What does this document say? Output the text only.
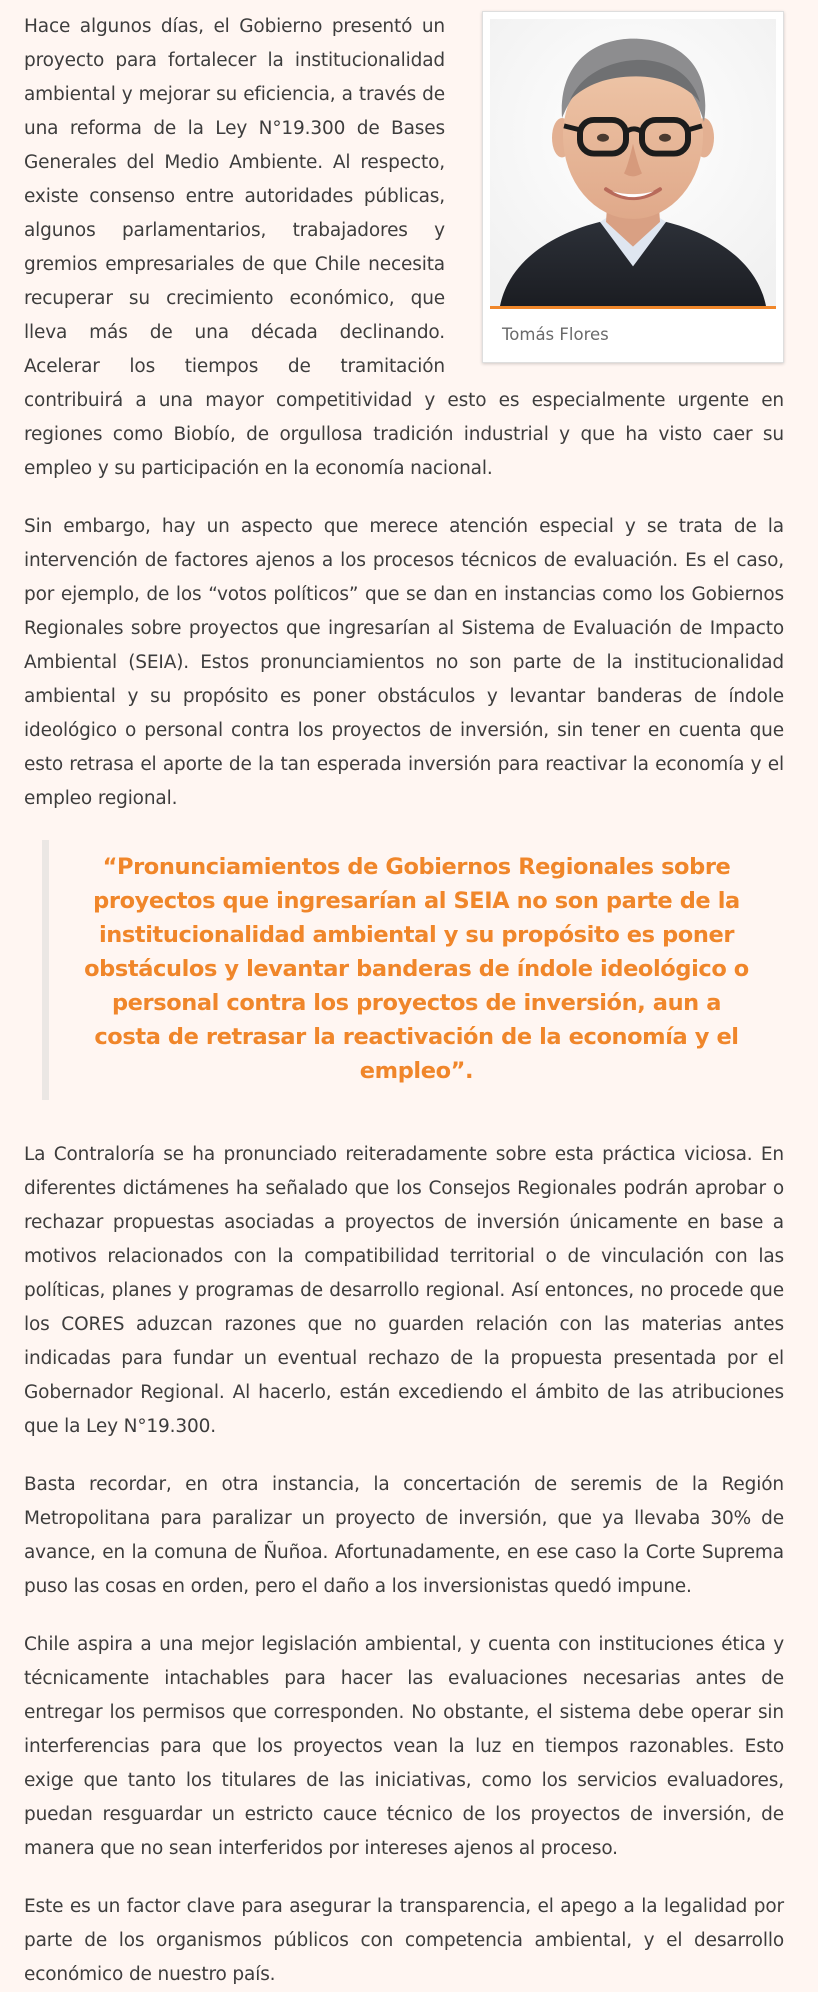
Tomás Flores

Hace algunos días, el Gobierno presentó un proyecto para fortalecer la institucionalidad ambiental y mejorar su eficiencia, a través de una reforma de la Ley N°19.300 de Bases Generales del Medio Ambiente. Al respecto, existe consenso entre autoridades públicas, algunos parlamentarios, trabajadores y gremios empresariales de que Chile necesita recuperar su crecimiento económico, que lleva más de una década declinando. Acelerar los tiempos de tramitación contribuirá a una mayor competitividad y esto es especialmente urgente en regiones como Biobío, de orgullosa tradición industrial y que ha visto caer su empleo y su participación en la economía nacional.

Sin embargo, hay un aspecto que merece atención especial y se trata de la intervención de factores ajenos a los procesos técnicos de evaluación. Es el caso, por ejemplo, de los “votos políticos” que se dan en instancias como los Gobiernos Regionales sobre proyectos que ingresarían al Sistema de Evaluación de Impacto Ambiental (SEIA). Estos pronunciamientos no son parte de la institucionalidad ambiental y su propósito es poner obstáculos y levantar banderas de índole ideológico o personal contra los proyectos de inversión, sin tener en cuenta que esto retrasa el aporte de la tan esperada inversión para reactivar la economía y el empleo regional.

“Pronunciamientos de Gobiernos Regionales sobre proyectos que ingresarían al SEIA no son parte de la institucionalidad ambiental y su propósito es poner obstáculos y levantar banderas de índole ideológico o personal contra los proyectos de inversión, aun a costa de retrasar la reactivación de la economía y el empleo”.

La Contraloría se ha pronunciado reiteradamente sobre esta práctica viciosa. En diferentes dictámenes ha señalado que los Consejos Regionales podrán aprobar o rechazar propuestas asociadas a proyectos de inversión únicamente en base a motivos relacionados con la compatibilidad territorial o de vinculación con las políticas, planes y programas de desarrollo regional. Así entonces, no procede que los CORES aduzcan razones que no guarden relación con las materias antes indicadas para fundar un eventual rechazo de la propuesta presentada por el Gobernador Regional. Al hacerlo, están excediendo el ámbito de las atribuciones que la Ley N°19.300.

Basta recordar, en otra instancia, la concertación de seremis de la Región Metropolitana para paralizar un proyecto de inversión, que ya llevaba 30% de avance, en la comuna de Ñuñoa. Afortunadamente, en ese caso la Corte Suprema puso las cosas en orden, pero el daño a los inversionistas quedó impune.

Chile aspira a una mejor legislación ambiental, y cuenta con instituciones ética y técnicamente intachables para hacer las evaluaciones necesarias antes de entregar los permisos que corresponden. No obstante, el sistema debe operar sin interferencias para que los proyectos vean la luz en tiempos razonables. Esto exige que tanto los titulares de las iniciativas, como los servicios evaluadores, puedan resguardar un estricto cauce técnico de los proyectos de inversión, de manera que no sean interferidos por intereses ajenos al proceso.

Este es un factor clave para asegurar la transparencia, el apego a la legalidad por parte de los organismos públicos con competencia ambiental, y el desarrollo económico de nuestro país.
